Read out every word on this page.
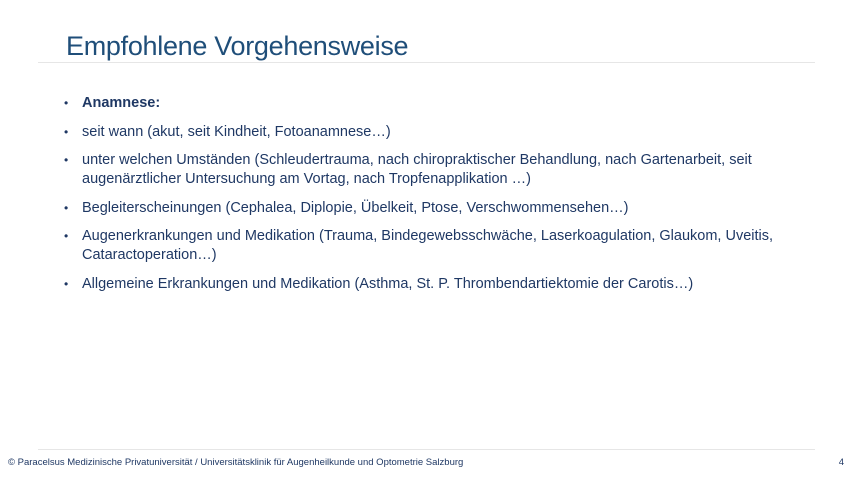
Empfohlene Vorgehensweise
• Anamnese:
• seit wann (akut, seit Kindheit, Fotoanamnese…)
• unter welchen Umständen (Schleudertrauma, nach chiropraktischer Behandlung, nach Gartenarbeit, seit augenärztlicher Untersuchung am Vortag, nach Tropfenapplikation …)
• Begleiterscheinungen (Cephalea, Diplopie, Übelkeit, Ptose, Verschwommensehen…)
• Augenerkrankungen und Medikation (Trauma, Bindegewebsschwäche, Laserkoagulation, Glaukom, Uveitis, Cataractoperation…)
• Allgemeine Erkrankungen und Medikation (Asthma, St. P. Thrombendartiektomie der Carotis…)
© Paracelsus Medizinische Privatuniversität / Universitätsklinik für Augenheilkunde und Optometrie Salzburg	4
